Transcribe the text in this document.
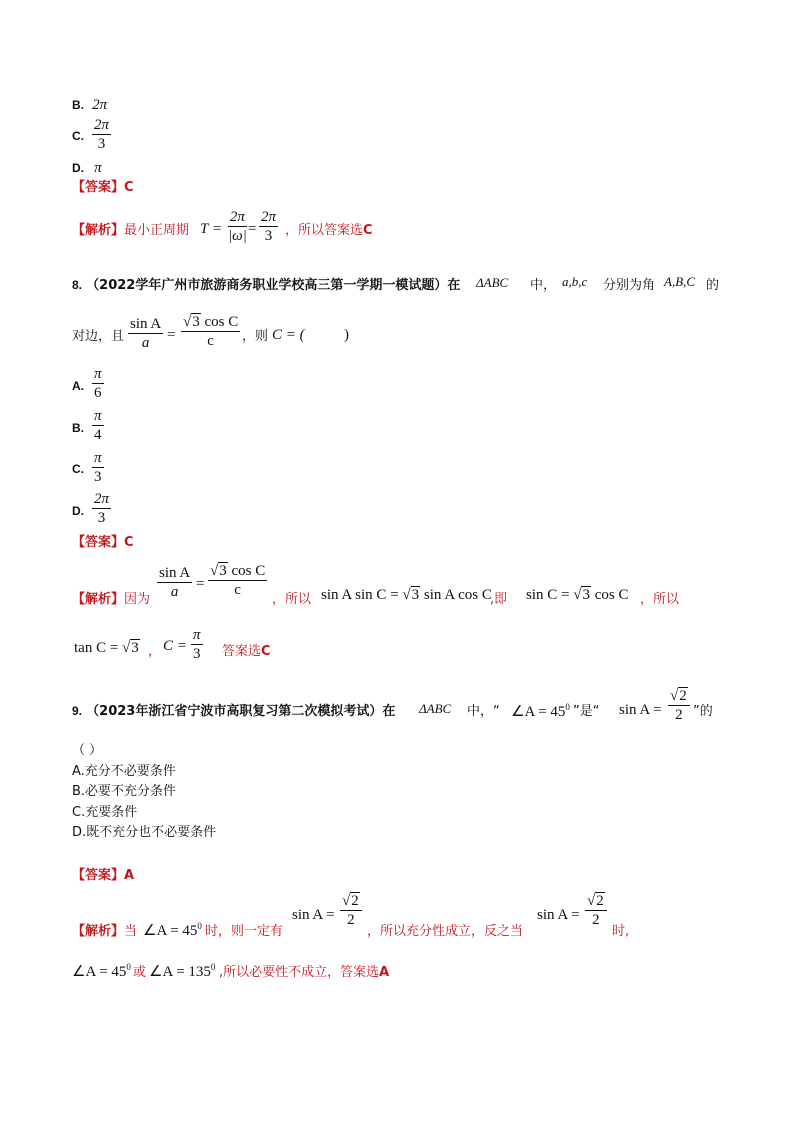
B. 2π
C. $\frac{2\pi}{3}$
D. π
【答案】C
【解析】最小正周期 $T = \frac{2\pi}{|\omega|} = \frac{2\pi}{3}$ ，所以答案选C
8. （2022学年广州市旅游商务职业学校高三第一学期一模试题）在 ΔABC 中， a,b,c 分别为角 A,B,C 的
对边，且 $\frac{\text{sin A}}{a} = \frac{\text{√3 cos C}}{c}$ ，则 C = (	)
A. $\frac{\pi}{6}$
B. $\frac{\pi}{4}$
C. $\frac{\pi}{3}$
D. $\frac{2\pi}{3}$
【答案】C
【解析】因为 $\frac{\text{sin A}}{a} = \frac{\text{√3 cos C}}{c}$
，所以 sin A sin C = √3 sin A cos C
,即 sin C = √3 cos C ，所以
tan C = √3 ， $C = \frac{\pi}{3}$ 答案选C
9. （2023年浙江省宁波市高职复习第二次模拟考试）在 ΔABC 中，“ ∠A = $45^0$ ”是“ $\sin A = \frac{√2}{2}$ ”的
（ ）
A.充分不必要条件
B.必要不充分条件
C.充要条件
D.既不充分也不必要条件
【答案】A
【解析】当 ∠A = $45^0$ 时，则一定有
$\sin A = \frac{√2}{2}$
，所以充分性成立，反之当
$\sin A = \frac{√2}{2}$
时,
∠A = $45^0$ 或 ∠A = $135^0$ ,所以必要性不成立，答案选A
